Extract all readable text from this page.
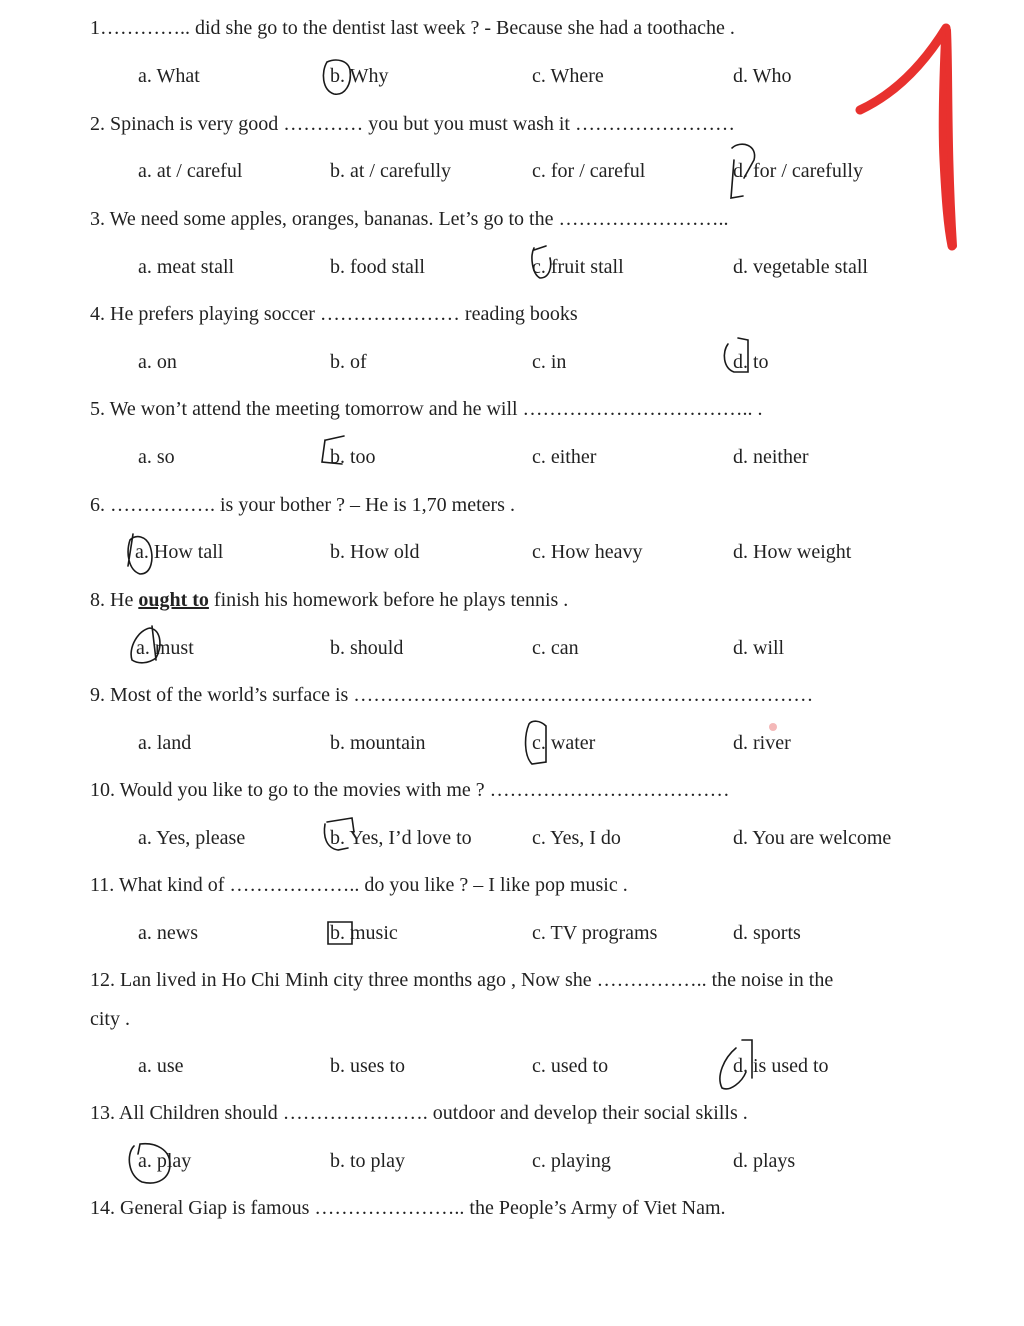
1………….. did she go to the dentist last week ? - Because she had a toothache .
a. What	b. Why	c. Where	d. Who
2. Spinach is very good ………… you but you must wash it ……………………
a. at / careful	b. at / carefully	c. for / careful	d. for / carefully
3. We need some apples, oranges, bananas. Let’s go to the ……………………..
a. meat stall	b. food stall	c. fruit stall	d. vegetable stall
4. He prefers playing soccer ………………… reading books
a. on	b. of	c. in	d. to
5. We won’t attend the meeting tomorrow and he will …………………………….. .
a. so	b. too	c. either	d. neither
6. ……………. is your bother ? – He is 1,70 meters .
a. How tall	b. How old	c. How heavy	d. How weight
8. He ought to finish his homework before he plays tennis .
a. must	b. should	c. can	d. will
9. Most of the world’s surface is ……………………………………………………………
a. land	b. mountain	c. water	d. river
10. Would you like to go to the movies with me ? ………………………………
a. Yes, please	b. Yes, I’d love to	c. Yes, I do	d. You are welcome
11. What kind of ……………….. do you like ? – I like pop music .
a. news	b. music	c. TV programs	d. sports
12. Lan lived in Ho Chi Minh city three months ago , Now she …………….. the noise in the
city .
a. use	b. uses to	c. used to	d. is used to
13. All Children should …………………. outdoor and develop their social skills .
a. play	b. to play	c. playing	d. plays
14. General Giap is famous ………………….. the People’s Army of Viet Nam.
